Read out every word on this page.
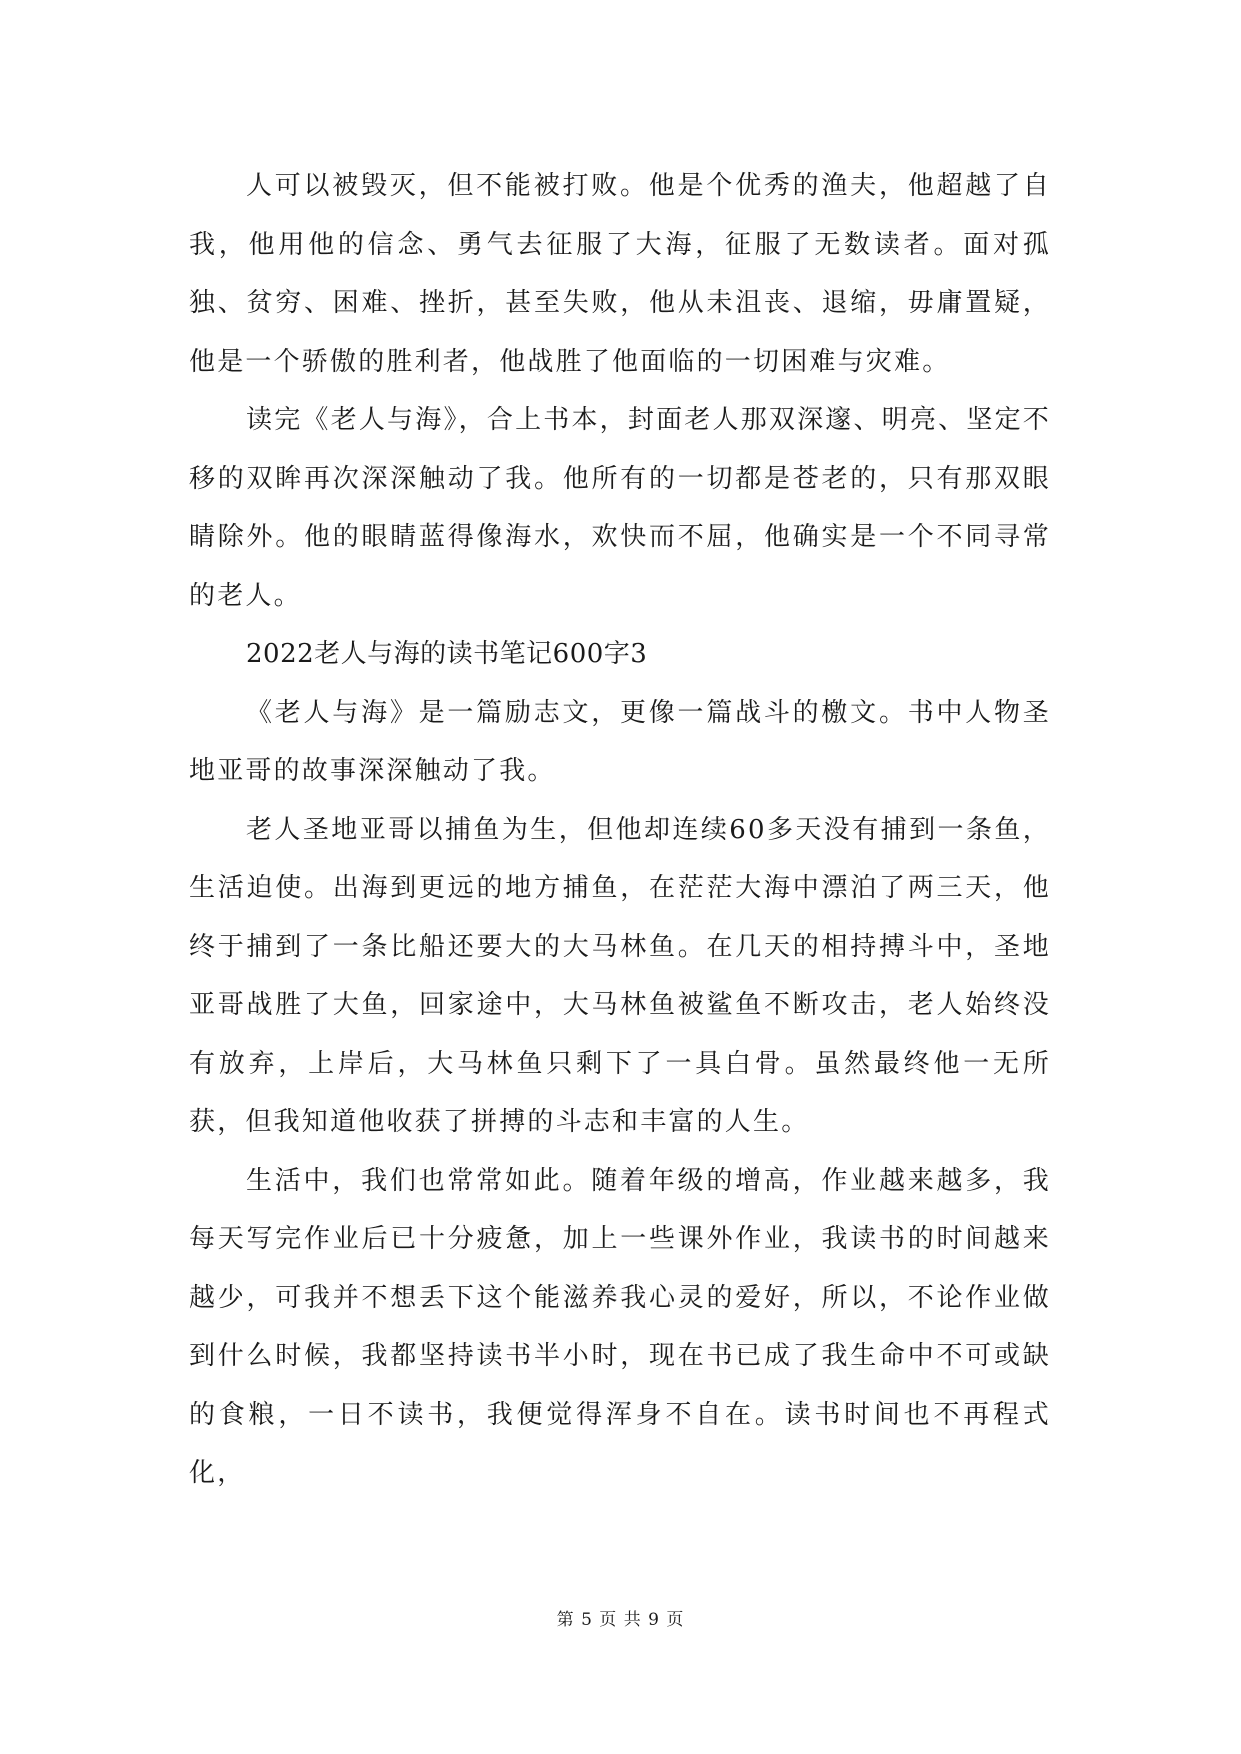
人可以被毁灭，但不能被打败。他是个优秀的渔夫，他超越了自我，他用他的信念、勇气去征服了大海，征服了无数读者。面对孤独、贫穷、困难、挫折，甚至失败，他从未沮丧、退缩，毋庸置疑，他是一个骄傲的胜利者，他战胜了他面临的一切困难与灾难。

读完《老人与海》，合上书本，封面老人那双深邃、明亮、坚定不移的双眸再次深深触动了我。他所有的一切都是苍老的，只有那双眼睛除外。他的眼睛蓝得像海水，欢快而不屈，他确实是一个不同寻常的老人。

2022老人与海的读书笔记600字3

《老人与海》是一篇励志文，更像一篇战斗的檄文。书中人物圣地亚哥的故事深深触动了我。

老人圣地亚哥以捕鱼为生，但他却连续60多天没有捕到一条鱼，生活迫使。出海到更远的地方捕鱼，在茫茫大海中漂泊了两三天，他终于捕到了一条比船还要大的大马林鱼。在几天的相持搏斗中，圣地亚哥战胜了大鱼，回家途中，大马林鱼被鲨鱼不断攻击，老人始终没有放弃，上岸后，大马林鱼只剩下了一具白骨。虽然最终他一无所获，但我知道他收获了拼搏的斗志和丰富的人生。

生活中，我们也常常如此。随着年级的增高，作业越来越多，我每天写完作业后已十分疲惫，加上一些课外作业，我读书的时间越来越少，可我并不想丢下这个能滋养我心灵的爱好，所以，不论作业做到什么时候，我都坚持读书半小时，现在书已成了我生命中不可或缺的食粮，一日不读书，我便觉得浑身不自在。读书时间也不再程式化，

第 5 页 共 9 页
